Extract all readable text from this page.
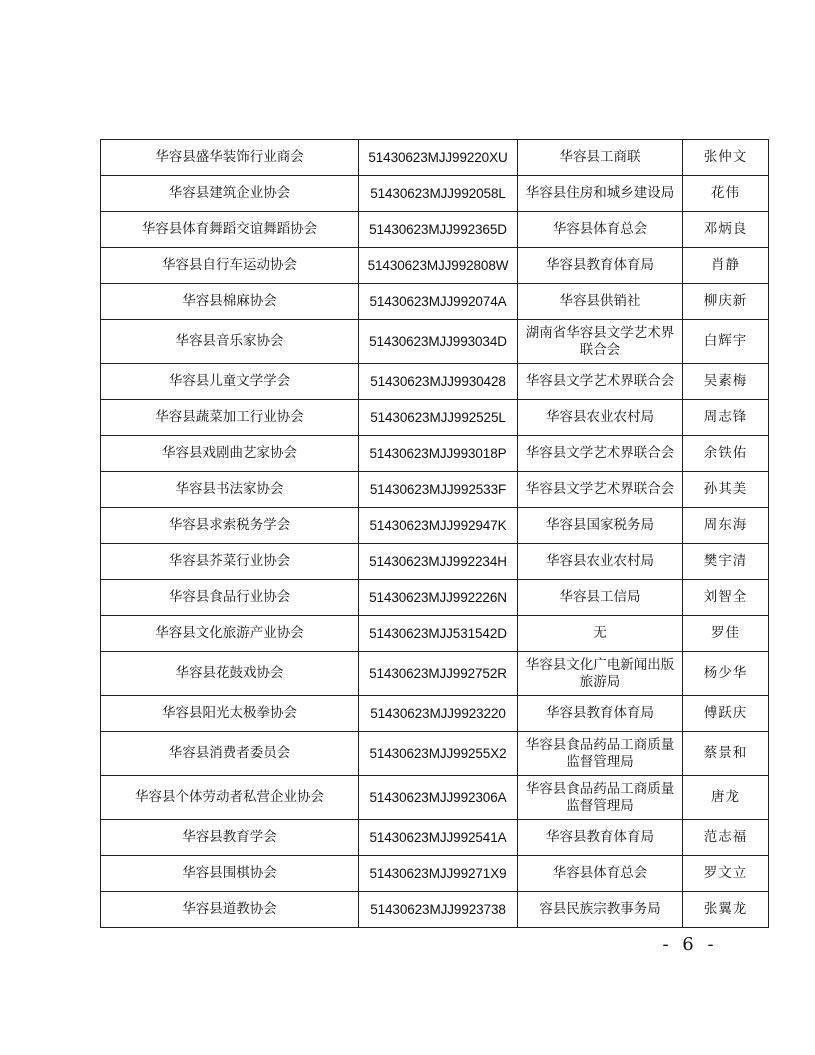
华容县盛华装饰行业商会	51430623MJJ99220XU	华容县工商联	张仲文
华容县建筑企业协会	51430623MJJ992058L	华容县住房和城乡建设局	花伟
华容县体育舞蹈交谊舞蹈协会	51430623MJJ992365D	华容县体育总会	邓炳良
华容县自行车运动协会	51430623MJJ992808W	华容县教育体育局	肖静
华容县棉麻协会	51430623MJJ992074A	华容县供销社	柳庆新
华容县音乐家协会	51430623MJJ993034D	湖南省华容县文学艺术界联合会	白辉宇
华容县儿童文学学会	51430623MJJ9930428	华容县文学艺术界联合会	吴素梅
华容县蔬菜加工行业协会	51430623MJJ992525L	华容县农业农村局	周志锋
华容县戏剧曲艺家协会	51430623MJJ993018P	华容县文学艺术界联合会	余铁佑
华容县书法家协会	51430623MJJ992533F	华容县文学艺术界联合会	孙其美
华容县求索税务学会	51430623MJJ992947K	华容县国家税务局	周东海
华容县芥菜行业协会	51430623MJJ992234H	华容县农业农村局	樊宇清
华容县食品行业协会	51430623MJJ992226N	华容县工信局	刘智全
华容县文化旅游产业协会	51430623MJJ531542D	无	罗佳
华容县花鼓戏协会	51430623MJJ992752R	华容县文化广电新闻出版旅游局	杨少华
华容县阳光太极拳协会	51430623MJJ9923220	华容县教育体育局	傅跃庆
华容县消费者委员会	51430623MJJ99255X2	华容县食品药品工商质量监督管理局	蔡景和
华容县个体劳动者私营企业协会	51430623MJJ992306A	华容县食品药品工商质量监督管理局	唐龙
华容县教育学会	51430623MJJ992541A	华容县教育体育局	范志福
华容县围棋协会	51430623MJJ99271X9	华容县体育总会	罗文立
华容县道教协会	51430623MJJ9923738	容县民族宗教事务局	张翼龙
- 6 -
